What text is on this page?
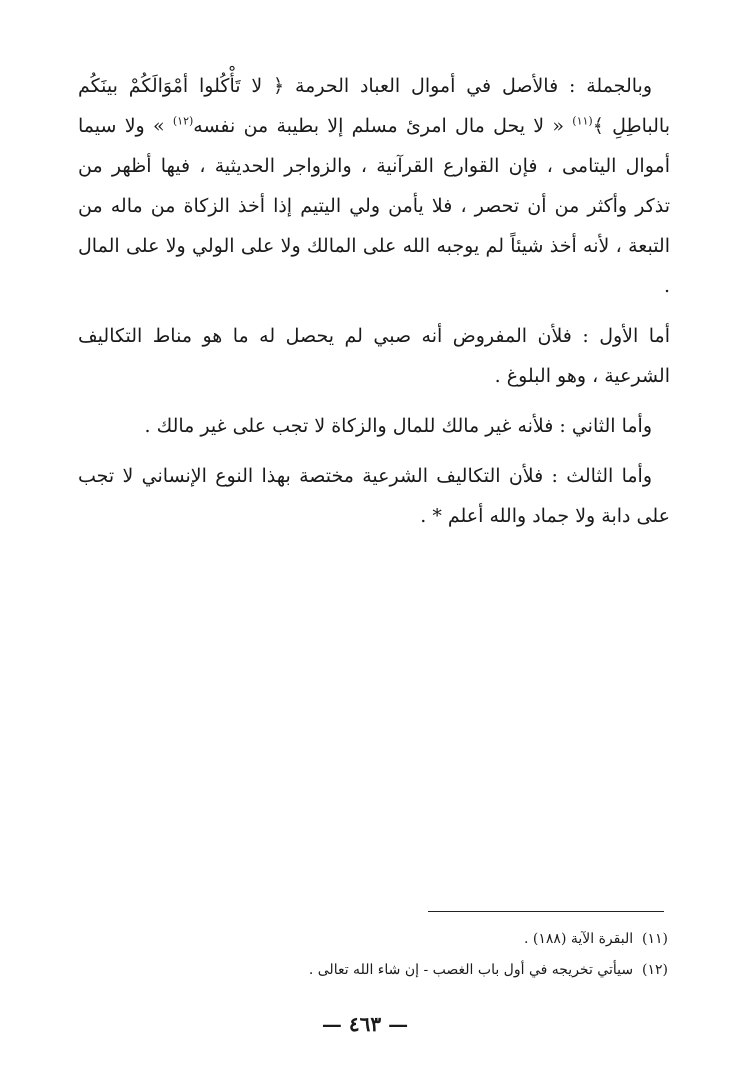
وبالجملة : فالأصل في أموال العباد الحرمة ﴿ لا تَأْكُلوا أمْوَالَكُمْ بينَكُم بالباطِلِ ﴾$^{(١١)}$ « لا يحل مال امرئ مسلم إلا بطيبة من نفسه$^{(١٢)}$ » ولا سيما أموال اليتامى ، فإن القوارع القرآنية ، والزواجر الحديثية ، فيها أظهر من تذكر وأكثر من أن تحصر ، فلا يأمن ولي اليتيم إذا أخذ الزكاة من ماله من التبعة ، لأنه أخذ شيئاً لم يوجبه الله على المالك ولا على الولي ولا على المال .

أما الأول : فلأن المفروض أنه صبي لم يحصل له ما هو مناط التكاليف الشرعية ، وهو البلوغ .

وأما الثاني : فلأنه غير مالك للمال والزكاة لا تجب على غير مالك .

وأما الثالث : فلأن التكاليف الشرعية مختصة بهذا النوع الإنساني لا تجب على دابة ولا جماد والله أعلم * .

(١١)  البقرة الآية (١٨٨) .

(١٢)  سيأتي تخريجه في أول باب الغصب - إن شاء الله تعالى .

— ٤٦٣ —
